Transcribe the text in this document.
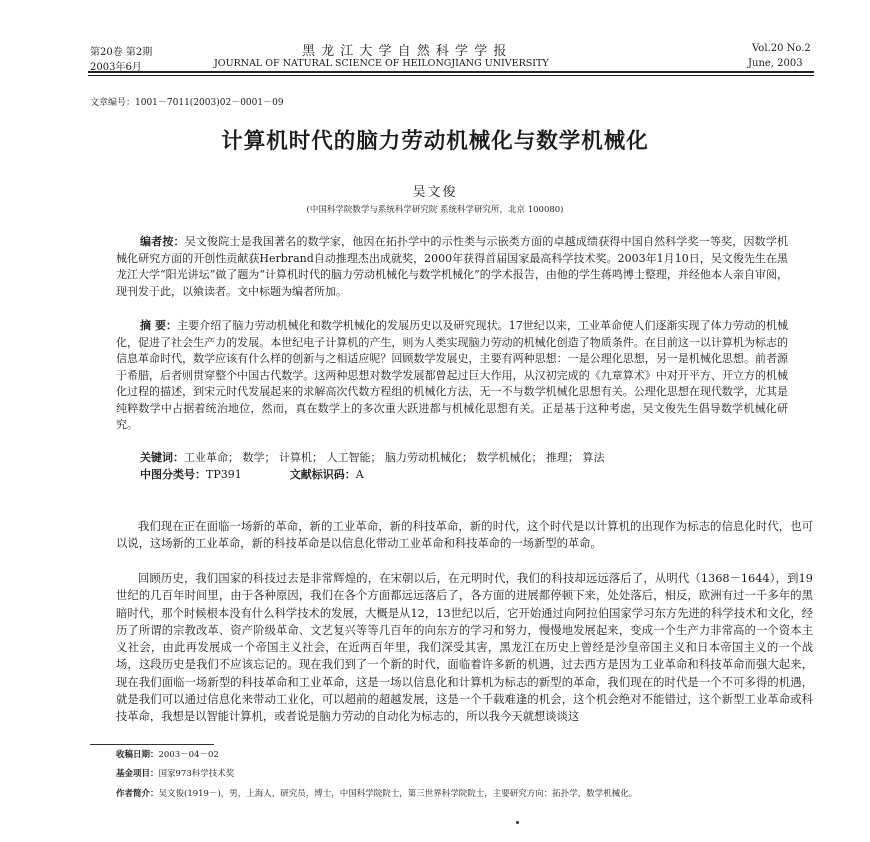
第20卷 第2期	黑 龙 江 大 学 自 然 科 学 学 报	Vol.20 No.2
2003年6月	JOURNAL OF NATURAL SCIENCE OF HEILONGJIANG UNIVERSITY	June, 2003
文章编号：1001－7011(2003)02－0001－09
计算机时代的脑力劳动机械化与数学机械化
吴文俊
(中国科学院数学与系统科学研究院 系统科学研究所，北京 100080)
编者按：吴文俊院士是我国著名的数学家，他因在拓扑学中的示性类与示嵌类方面的卓越成绩获得中国自然科学奖一等奖，因数学机械化研究方面的开创性贡献获Herbrand自动推理杰出成就奖，2000年获得首届国家最高科学技术奖。2003年1月10日，吴文俊先生在黑龙江大学“阳光讲坛”做了题为“计算机时代的脑力劳动机械化与数学机械化”的学术报告，由他的学生蒋鸣博士整理，并经他本人亲自审阅，现刊发于此，以飨读者。文中标题为编者所加。
摘 要：主要介绍了脑力劳动机械化和数学机械化的发展历史以及研究现状。17世纪以来，工业革命使人们逐渐实现了体力劳动的机械化，促进了社会生产力的发展。本世纪电子计算机的产生，则为人类实现脑力劳动的机械化创造了物质条件。在目前这一以计算机为标志的信息革命时代，数学应该有什么样的创新与之相适应呢？回顾数学发展史，主要有两种思想：一是公理化思想，另一是机械化思想。前者源于希腊，后者则贯穿整个中国古代数学。这两种思想对数学发展都曾起过巨大作用，从汉初完成的《九章算术》中对开平方、开立方的机械化过程的描述，到宋元时代发展起来的求解高次代数方程组的机械化方法，无一不与数学机械化思想有关。公理化思想在现代数学，尤其是纯粹数学中占据着统治地位，然而，真在数学上的多次重大跃进都与机械化思想有关。正是基于这种考虑，吴文俊先生倡导数学机械化研究。
关键词：工业革命； 数学； 计算机； 人工智能； 脑力劳动机械化； 数学机械化； 推理； 算法
中图分类号：TP391	文献标识码：A
我们现在正在面临一场新的革命，新的工业革命，新的科技革命，新的时代，这个时代是以计算机的出现作为标志的信息化时代，也可以说，这场新的工业革命，新的科技革命是以信息化带动工业革命和科技革命的一场新型的革命。
回顾历史，我们国家的科技过去是非常辉煌的，在宋朝以后，在元明时代，我们的科技却远远落后了，从明代（1368－1644），到19世纪的几百年时间里，由于各种原因，我们在各个方面都远远落后了，各方面的进展都停顿下来，处处落后，相反，欧洲有过一千多年的黑暗时代，那个时候根本没有什么科学技术的发展，大概是从12，13世纪以后，它开始通过向阿拉伯国家学习东方先进的科学技术和文化，经历了所谓的宗教改革、资产阶级革命、文艺复兴等等几百年的向东方的学习和努力，慢慢地发展起来，变成一个生产力非常高的一个资本主义社会，由此再发展成一个帝国主义社会，在近两百年里，我们深受其害，黑龙江在历史上曾经是沙皇帝国主义和日本帝国主义的一个战场，这段历史是我们不应该忘记的。现在我们到了一个新的时代，面临着许多新的机遇，过去西方是因为工业革命和科技革命而强大起来，现在我们面临一场新型的科技革命和工业革命，这是一场以信息化和计算机为标志的新型的革命，我们现在的时代是一个不可多得的机遇，就是我们可以通过信息化来带动工业化，可以超前的超越发展，这是一个千载难逢的机会，这个机会绝对不能错过，这个新型工业革命或科技革命，我想是以智能计算机，或者说是脑力劳动的自动化为标志的，所以我今天就想谈谈这
收稿日期：2003－04－02
基金项目：国家973科学技术奖
作者简介：吴文俊(1919－)，男，上海人，研究员，博士，中国科学院院士，第三世界科学院院士，主要研究方向：拓扑学，数学机械化。
